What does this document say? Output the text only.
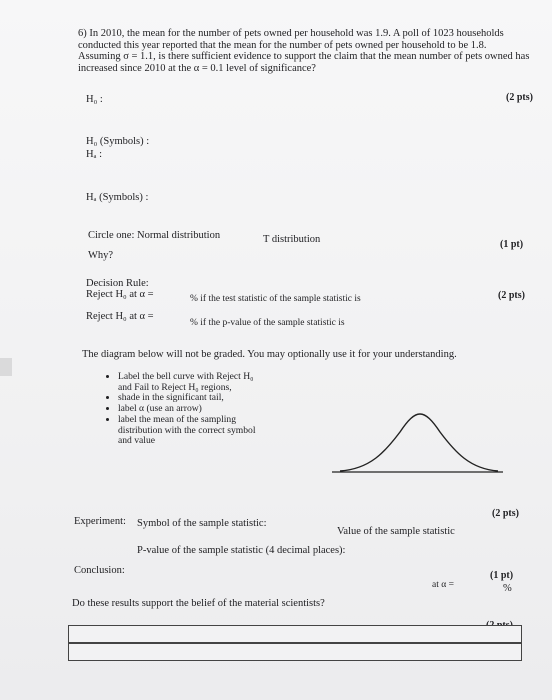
6) In 2010, the mean for the number of pets owned per household was 1.9. A poll of 1023 households
conducted this year reported that the mean for the number of pets owned per household to be 1.8.
Assuming σ = 1.1, is there sufficient evidence to support the claim that the mean number of pets owned has
increased since 2010 at the α = 0.1 level of significance?
H₀ :	(2 pts)
H₀ (Symbols) :
Hₐ :
Hₐ (Symbols) :
Circle one: Normal distribution	T distribution	(1 pt)
Why?
Decision Rule:
Reject H₀ at α =	% if the test statistic of the sample statistic is	(2 pts)
Reject H₀ at α =
% if the p-value of the sample statistic is
The diagram below will not be graded. You may optionally use it for your understanding.
• Label the bell curve with Reject H₀
and Fail to Reject H₀ regions,
• shade in the significant tail,
• label α (use an arrow)
• label the mean of the sampling
distribution with the correct symbol
and value
(2 pts)
Experiment: Symbol of the sample statistic:
Value of the sample statistic
P-value of the sample statistic (4 decimal places):
Conclusion:	(1 pt)
at α =	%
Do these results support the belief of the material scientists?
